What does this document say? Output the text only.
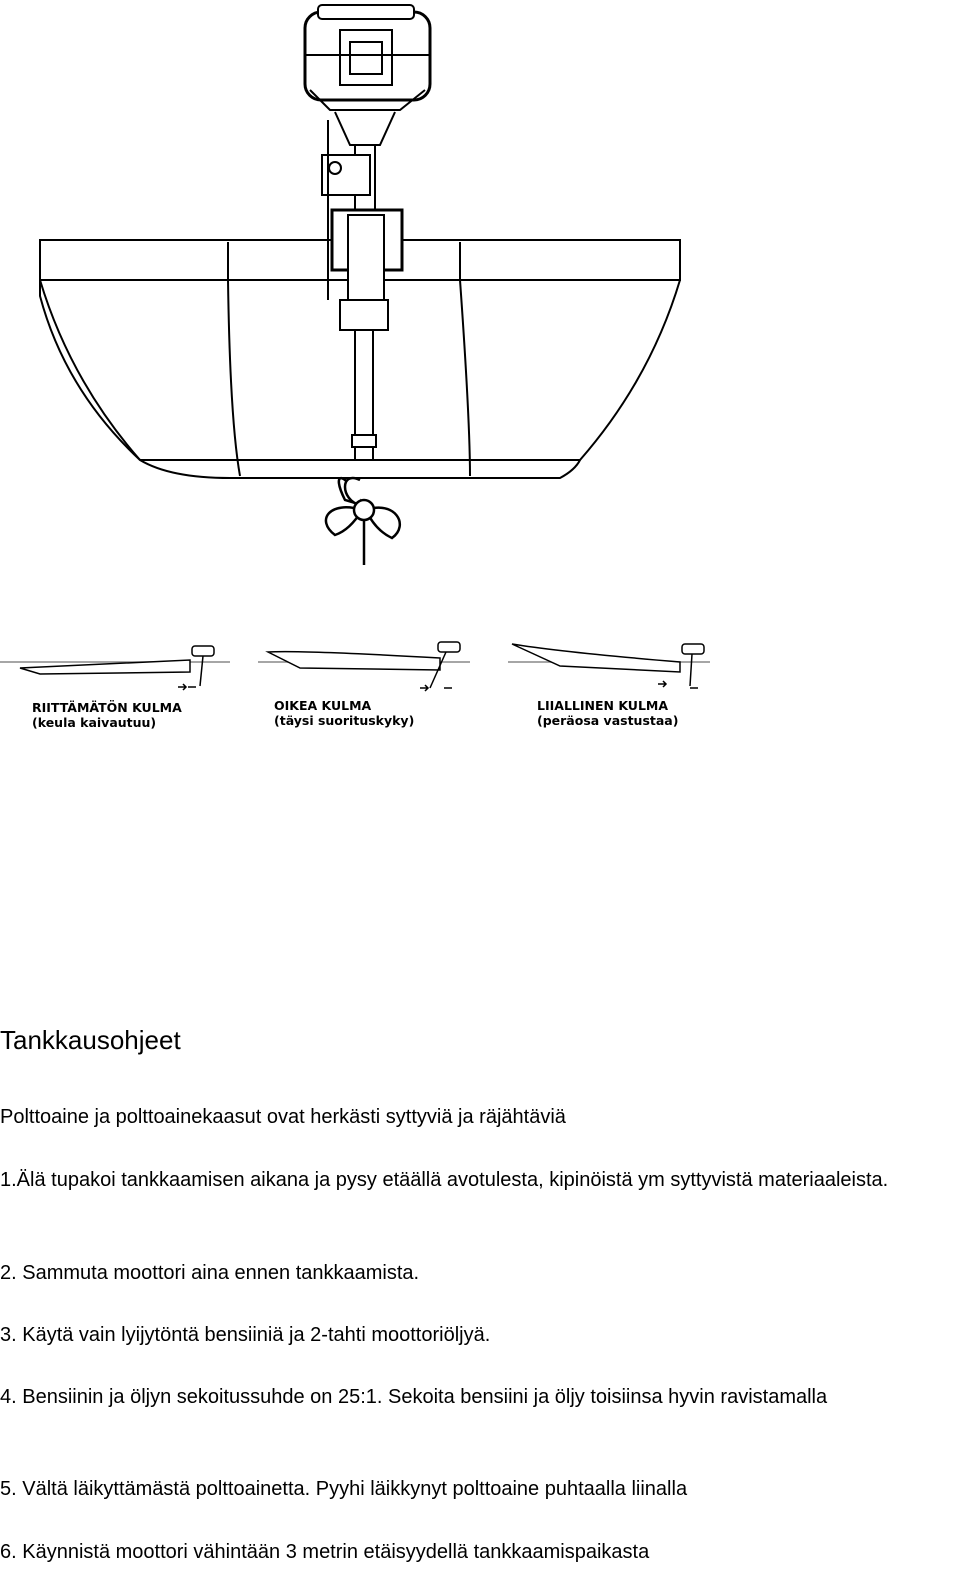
RIITTÄMÄTÖN KULMA
(keula kaivautuu)
OIKEA KULMA
(täysi suorituskyky)
LIIALLINEN KULMA
(peräosa vastustaa)
Tankkausohjeet

Polttoaine ja polttoainekaasut ovat herkästi syttyviä ja räjähtäviä

1.Älä tupakoi tankkaamisen aikana ja pysy etäällä avotulesta, kipinöistä ym syttyvistä materiaaleista.

2. Sammuta moottori aina ennen tankkaamista.

3. Käytä vain lyijytöntä bensiiniä ja 2-tahti moottoriöljyä.

4. Bensiinin ja öljyn sekoitussuhde on 25:1. Sekoita bensiini ja öljy toisiinsa hyvin ravistamalla

5. Vältä läikyttämästä polttoainetta. Pyyhi läikkynyt polttoaine puhtaalla liinalla

6. Käynnistä moottori vähintään 3 metrin etäisyydellä tankkaamispaikasta
